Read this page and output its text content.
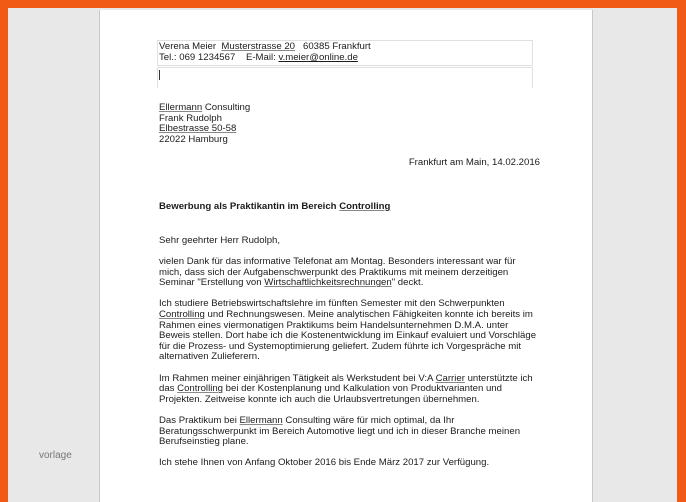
vorlage
Verena Meier Musterstrasse 20 60385 Frankfurt
Tel.: 069 1234567 E-Mail: v.meier@online.de
Ellermann Consulting
Frank Rudolph
Elbestrasse 50-58
22022 Hamburg
Frankfurt am Main, 14.02.2016
Bewerbung als Praktikantin im Bereich Controlling
Sehr geehrter Herr Rudolph,

vielen Dank für das informative Telefonat am Montag. Besonders interessant war für mich, dass sich der Aufgabenschwerpunkt des Praktikums mit meinem derzeitigen Seminar "Erstellung von Wirtschaftlichkeitsrechnungen" deckt.

Ich studiere Betriebswirtschaftslehre im fünften Semester mit den Schwerpunkten Controlling und Rechnungswesen. Meine analytischen Fähigkeiten konnte ich bereits im Rahmen eines viermonatigen Praktikums beim Handelsunternehmen D.M.A. unter Beweis stellen. Dort habe ich die Kostenentwicklung im Einkauf evaluiert und Vorschläge für die Prozess- und Systemoptimierung geliefert. Zudem führte ich Vorgespräche mit alternativen Zulieferern.

Im Rahmen meiner einjährigen Tätigkeit als Werkstudent bei V:A Carrier unterstützte ich das Controlling bei der Kostenplanung und Kalkulation von Produktvarianten und Projekten. Zeitweise konnte ich auch die Urlaubsvertretungen übernehmen.

Das Praktikum bei Ellermann Consulting wäre für mich optimal, da Ihr Beratungsschwerpunkt im Bereich Automotive liegt und ich in dieser Branche meinen Berufseinstieg plane.

Ich stehe Ihnen von Anfang Oktober 2016 bis Ende März 2017 zur Verfügung.
